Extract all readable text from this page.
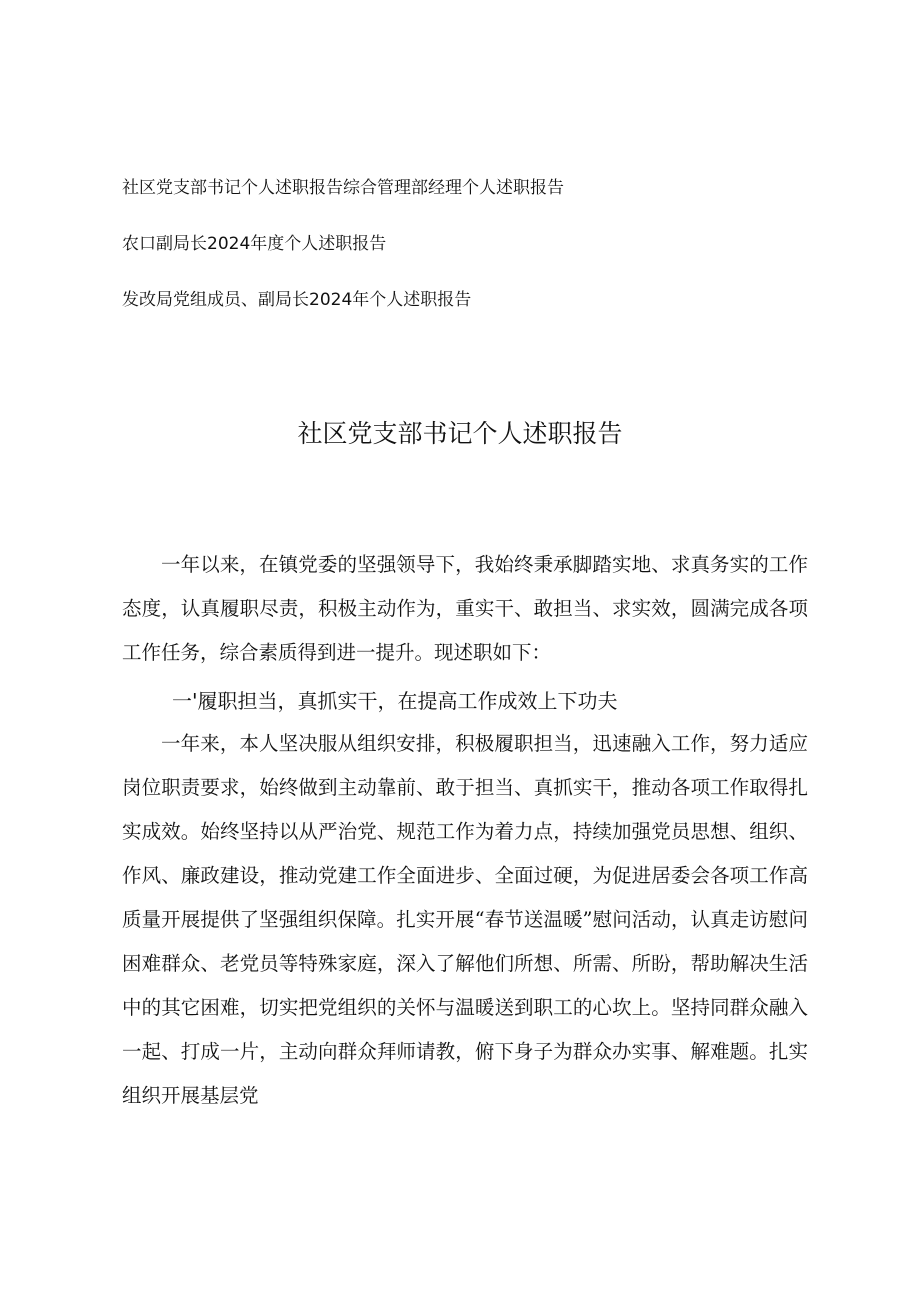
社区党支部书记个人述职报告综合管理部经理个人述职报告
农口副局长2024年度个人述职报告
发改局党组成员、副局长2024年个人述职报告
社区党支部书记个人述职报告

一年以来，在镇党委的坚强领导下，我始终秉承脚踏实地、求真务实的工作态度，认真履职尽责，积极主动作为，重实干、敢担当、求实效，圆满完成各项工作任务，综合素质得到进一提升。现述职如下：

一'履职担当，真抓实干，在提高工作成效上下功夫

一年来，本人坚决服从组织安排，积极履职担当，迅速融入工作，努力适应岗位职责要求，始终做到主动靠前、敢于担当、真抓实干，推动各项工作取得扎实成效。始终坚持以从严治党、规范工作为着力点，持续加强党员思想、组织、作风、廉政建设，推动党建工作全面进步、全面过硬，为促进居委会各项工作高质量开展提供了坚强组织保障。扎实开展“春节送温暖”慰问活动，认真走访慰问困难群众、老党员等特殊家庭，深入了解他们所想、所需、所盼，帮助解决生活中的其它困难，切实把党组织的关怀与温暖送到职工的心坎上。坚持同群众融入一起、打成一片，主动向群众拜师请教，俯下身子为群众办实事、解难题。扎实组织开展基层党
